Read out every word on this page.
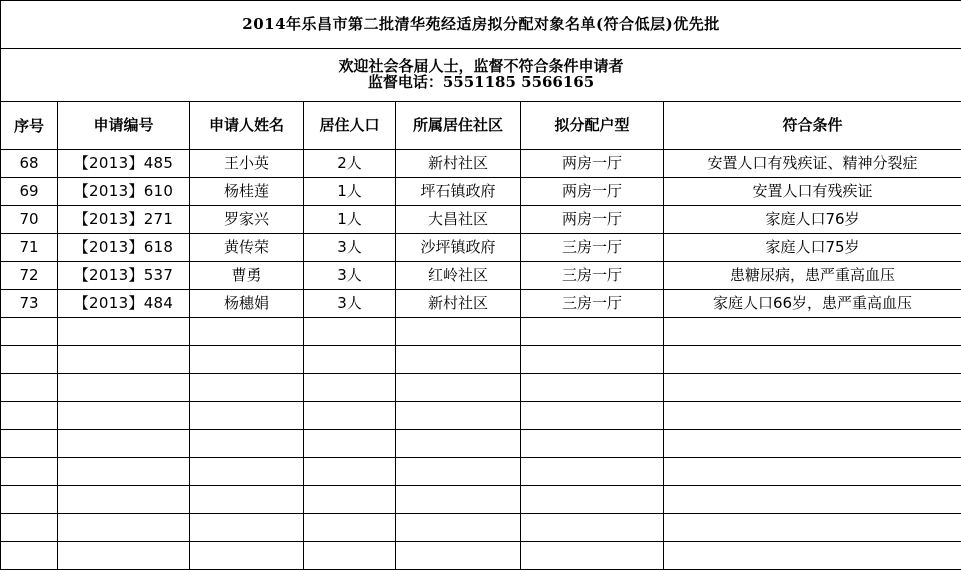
2014年乐昌市第二批清华苑经适房拟分配对象名单(符合低层)优先批						

欢迎社会各届人士，监督不符合条件申请者
监督电话：5551185 5566165						

序号	申请编号	申请人姓名	居住人口	所属居住社区	拟分配户型	符合条件
68	【2013】485	王小英	2人	新村社区	两房一厅	安置人口有残疾证、精神分裂症
69	【2013】610	杨桂莲	1人	坪石镇政府	两房一厅	安置人口有残疾证
70	【2013】271	罗家兴	1人	大昌社区	两房一厅	家庭人口76岁
71	【2013】618	黄传荣	3人	沙坪镇政府	三房一厅	家庭人口75岁
72	【2013】537	曹勇	3人	红岭社区	三房一厅	患糖尿病，患严重高血压
73	【2013】484	杨穗娟	3人	新村社区	三房一厅	家庭人口66岁，患严重高血压
